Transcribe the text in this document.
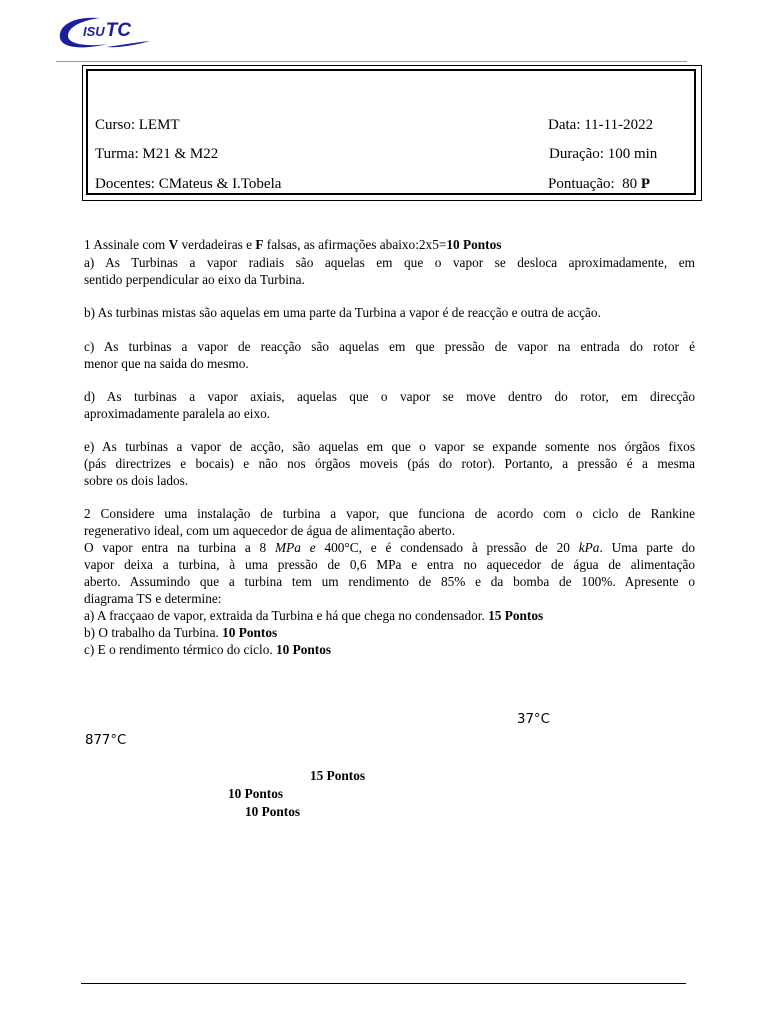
ISUTC
Curso: LEMT
Turma: M21 & M22
Docentes: CMateus & I.Tobela
Data: 11-11-2022
Duração: 100 min
Pontuação: 80 P
1 Assinale com V verdadeiras e F falsas, as afirmações abaixo:2x5=10 Pontos
a) As Turbinas a vapor radiais são aquelas em que o vapor se desloca aproximadamente, em
sentido perpendicular ao eixo da Turbina.
b) As turbinas mistas são aquelas em uma parte da Turbina a vapor é de reacção e outra de acção.
c) As turbinas a vapor de reacção são aquelas em que pressão de vapor na entrada do rotor é
menor que na saida do mesmo.
d) As turbinas a vapor axiais, aquelas que o vapor se move dentro do rotor, em direcção
aproximadamente paralela ao eixo.
e) As turbinas a vapor de acção, são aquelas em que o vapor se expande somente nos órgãos fixos
(pás directrizes e bocais) e não nos órgãos moveis (pás do rotor). Portanto, a pressão é a mesma
sobre os dois lados.
2 Considere uma instalação de turbina a vapor, que funciona de acordo com o ciclo de Rankine
regenerativo ideal, com um aquecedor de água de alimentação aberto.
O vapor entra na turbina a 8 MPa e 400°C, e é condensado à pressão de 20 kPa. Uma parte do
vapor deixa a turbina, à uma pressão de 0,6 MPa e entra no aquecedor de água de alimentação
aberto. Assumindo que a turbina tem um rendimento de 85% e da bomba de 100%. Apresente o
diagrama TS e determine:
a) A fracçaao de vapor, extraida da Turbina e há que chega no condensador. 15 Pontos
b) O trabalho da Turbina. 10 Pontos
c) E o rendimento térmico do ciclo. 10 Pontos
37°C
877°C
15 Pontos
10 Pontos
10 Pontos
